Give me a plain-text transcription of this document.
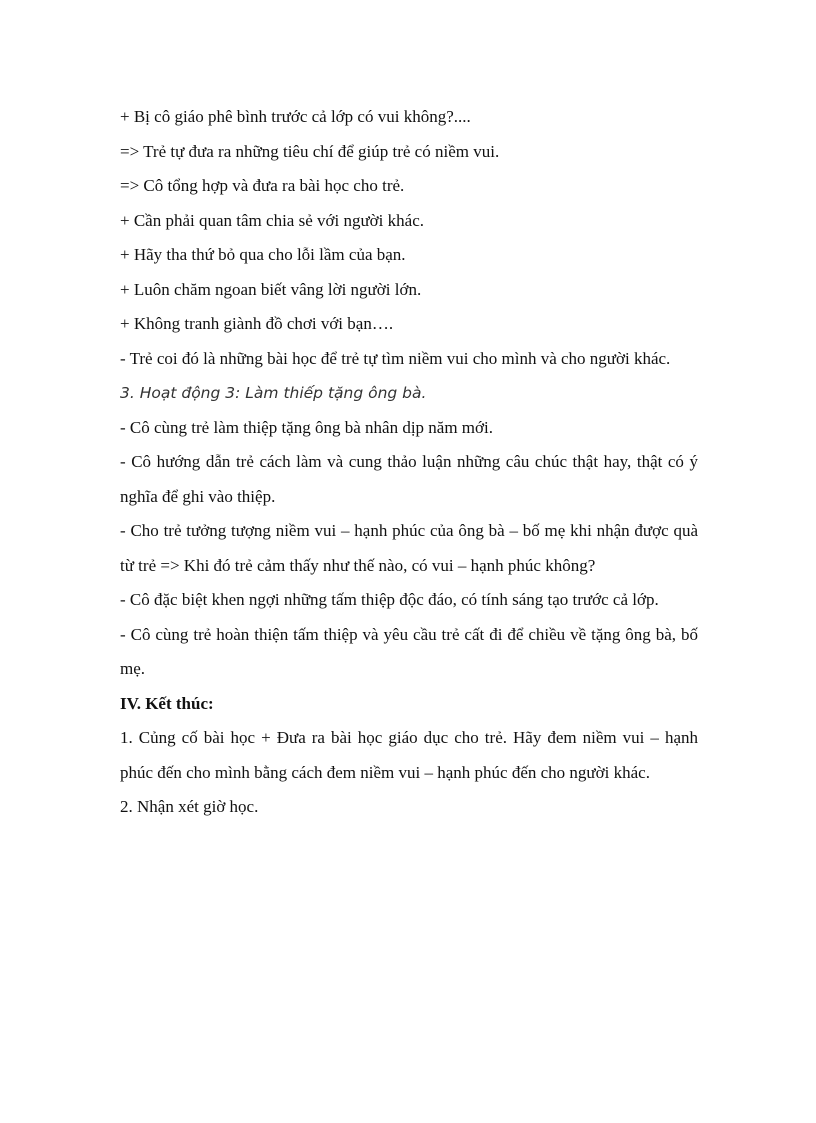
+ Bị cô giáo phê bình trước cả lớp có vui không?....

=> Trẻ tự đưa ra những tiêu chí để giúp trẻ có niềm vui.

=> Cô tổng hợp và đưa ra bài học cho trẻ.

+ Cần phải quan tâm chia sẻ với người khác.

+ Hãy tha thứ bỏ qua cho lỗi lầm của bạn.

+ Luôn chăm ngoan biết vâng lời người lớn.

+ Không tranh giành đồ chơi với bạn….

- Trẻ coi đó là những bài học để trẻ tự tìm niềm vui cho mình và cho người khác.

3. Hoạt động 3: Làm thiếp tặng ông bà.

- Cô cùng trẻ làm thiệp tặng ông bà nhân dịp năm mới.

- Cô hướng dẫn trẻ cách làm và cung thảo luận những câu chúc thật hay, thật có ý nghĩa để ghi vào thiệp.

- Cho trẻ tưởng tượng niềm vui – hạnh phúc của ông bà – bố mẹ khi nhận được quà từ trẻ => Khi đó trẻ cảm thấy như thế nào, có vui – hạnh phúc không?

- Cô đặc biệt khen ngợi những tấm thiệp độc đáo, có tính sáng tạo trước cả lớp.

- Cô cùng trẻ hoàn thiện tấm thiệp và yêu cầu trẻ cất đi để chiều về tặng ông bà, bố mẹ.

IV. Kết thúc:

1. Củng cố bài học + Đưa ra bài học giáo dục cho trẻ. Hãy đem niềm vui – hạnh phúc đến cho mình bằng cách đem niềm vui – hạnh phúc đến cho người khác.

2. Nhận xét giờ học.
